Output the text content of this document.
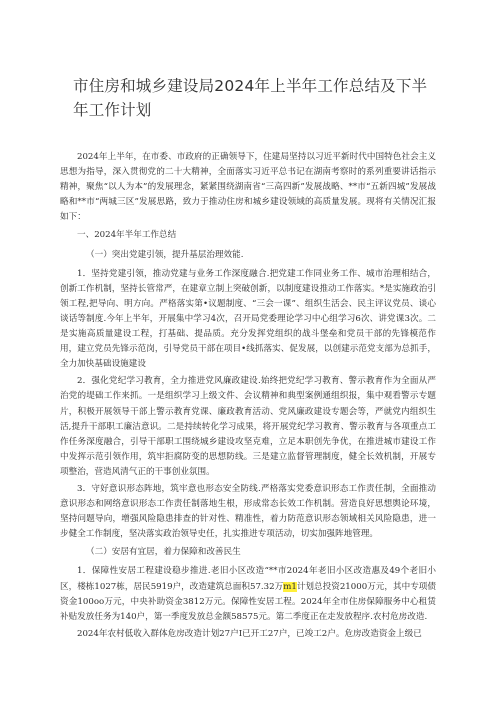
市住房和城乡建设局2024年上半年工作总结及下半年工作计划

2024年上半年，在市委、市政府的正确领导下，住建局坚持以习近平新时代中国特色社会主义思想为指导，深入贯彻党的二十大精神，全面落实习近平总书记在湖南考察时的系列重要讲话指示精神，聚焦“以人为本”的发展理念，紧紧围绕湖南省“三高四新”发展战略、**市“五新四城”发展战略和**市“两城三区”发展思路，致力于推动住房和城乡建设领域的高质量发展。现将有关情况汇报如下：

一、2024年半年工作总结

（一）突出党建引领，提升基层治理效能.

1．坚持党建引领，推动党建与业务工作深度融合.把党建工作同业务工作、城市治理相结合，创新工作机制，坚持长管常严，在建章立制上突破创新，以制度建设推动工作落实。*是实施政治引领工程,把导向、明方向。严格落实第•议题制度、“三会一课”、组织生活会、民主评议党员、谈心谈话等制度.今年上半年，开展集中学习4次，召开局党委理论学习中心组学习6次、讲党课3次。二是实施高质量建设工程，打基础、提品质。充分发挥党组织的战斗堡垒和党员干部的先锋模范作用，建立党员先锋示范岗，引导党员干部在项目•线抓落实、促发展，以创建示范党支部为总抓手，全力加快基础设施建设

2．强化党纪学习教育，全力推进党风廉政建设.始终把党纪学习教育、警示教育作为全面从严治党的堤础工作来抓。一是组织学习上级文件、会议精神和典型案例通组织报，集中观看警示专题片，积极开展领导干部上警示教育党课、廉政教育活动、党风廉政建设专题会等，严就党内组织生活,提升干部职工廉洁意识。二是持续转化学习成果，将开展党纪学习教育、警示教育与各项重点工作任务深度融合，引导干部职工围绕城乡建设攻坚克难，立足本职创先争优，在推进城市建设工作中发挥示范引领作用，筑牢拒腐防变的思想防线。三是建立监督管理制度，健全长效机制，开展专项整治，营造风清气正的干事创业氛围。

3．守好意识形态阵地，筑牢意也形态安全防线.严格落实党委意识形态工作责任制，全面推动意识形态和网络意识形态工作责任制落地生根，形成常态长效工作机制。营造良好思想舆论环境，坚持问题导向，增强风险隐患排查的针对性、精准性，着力防范意识形态领域相关风险隐患，进一步健全工作制度，坚决落实政治领导史任，扎实推进专项活动，切实加强阵地管理。

（二）安居有宜居，着力保障和改善民生

1．保障性安居工程建设稳步推进.老旧小区改造“**市2024年老旧小区改造惠及49个老旧小区，楼栋1027栋，居民5919户，改造建筑总面积57.32万m1计划总投资21000万元，其中专项债资金100oo万元，中央补助资金3812万元。保障性安居工程。2024年全市住房保障服务中心租赁补贴发放任务为140户，第一季度发放总金额58575元。第二季度正在走发放程序.农村危房改造.

2024年农村低收入群体危房改造计划27户I已开工27户，已竣工2户。危房改造资金上级已
